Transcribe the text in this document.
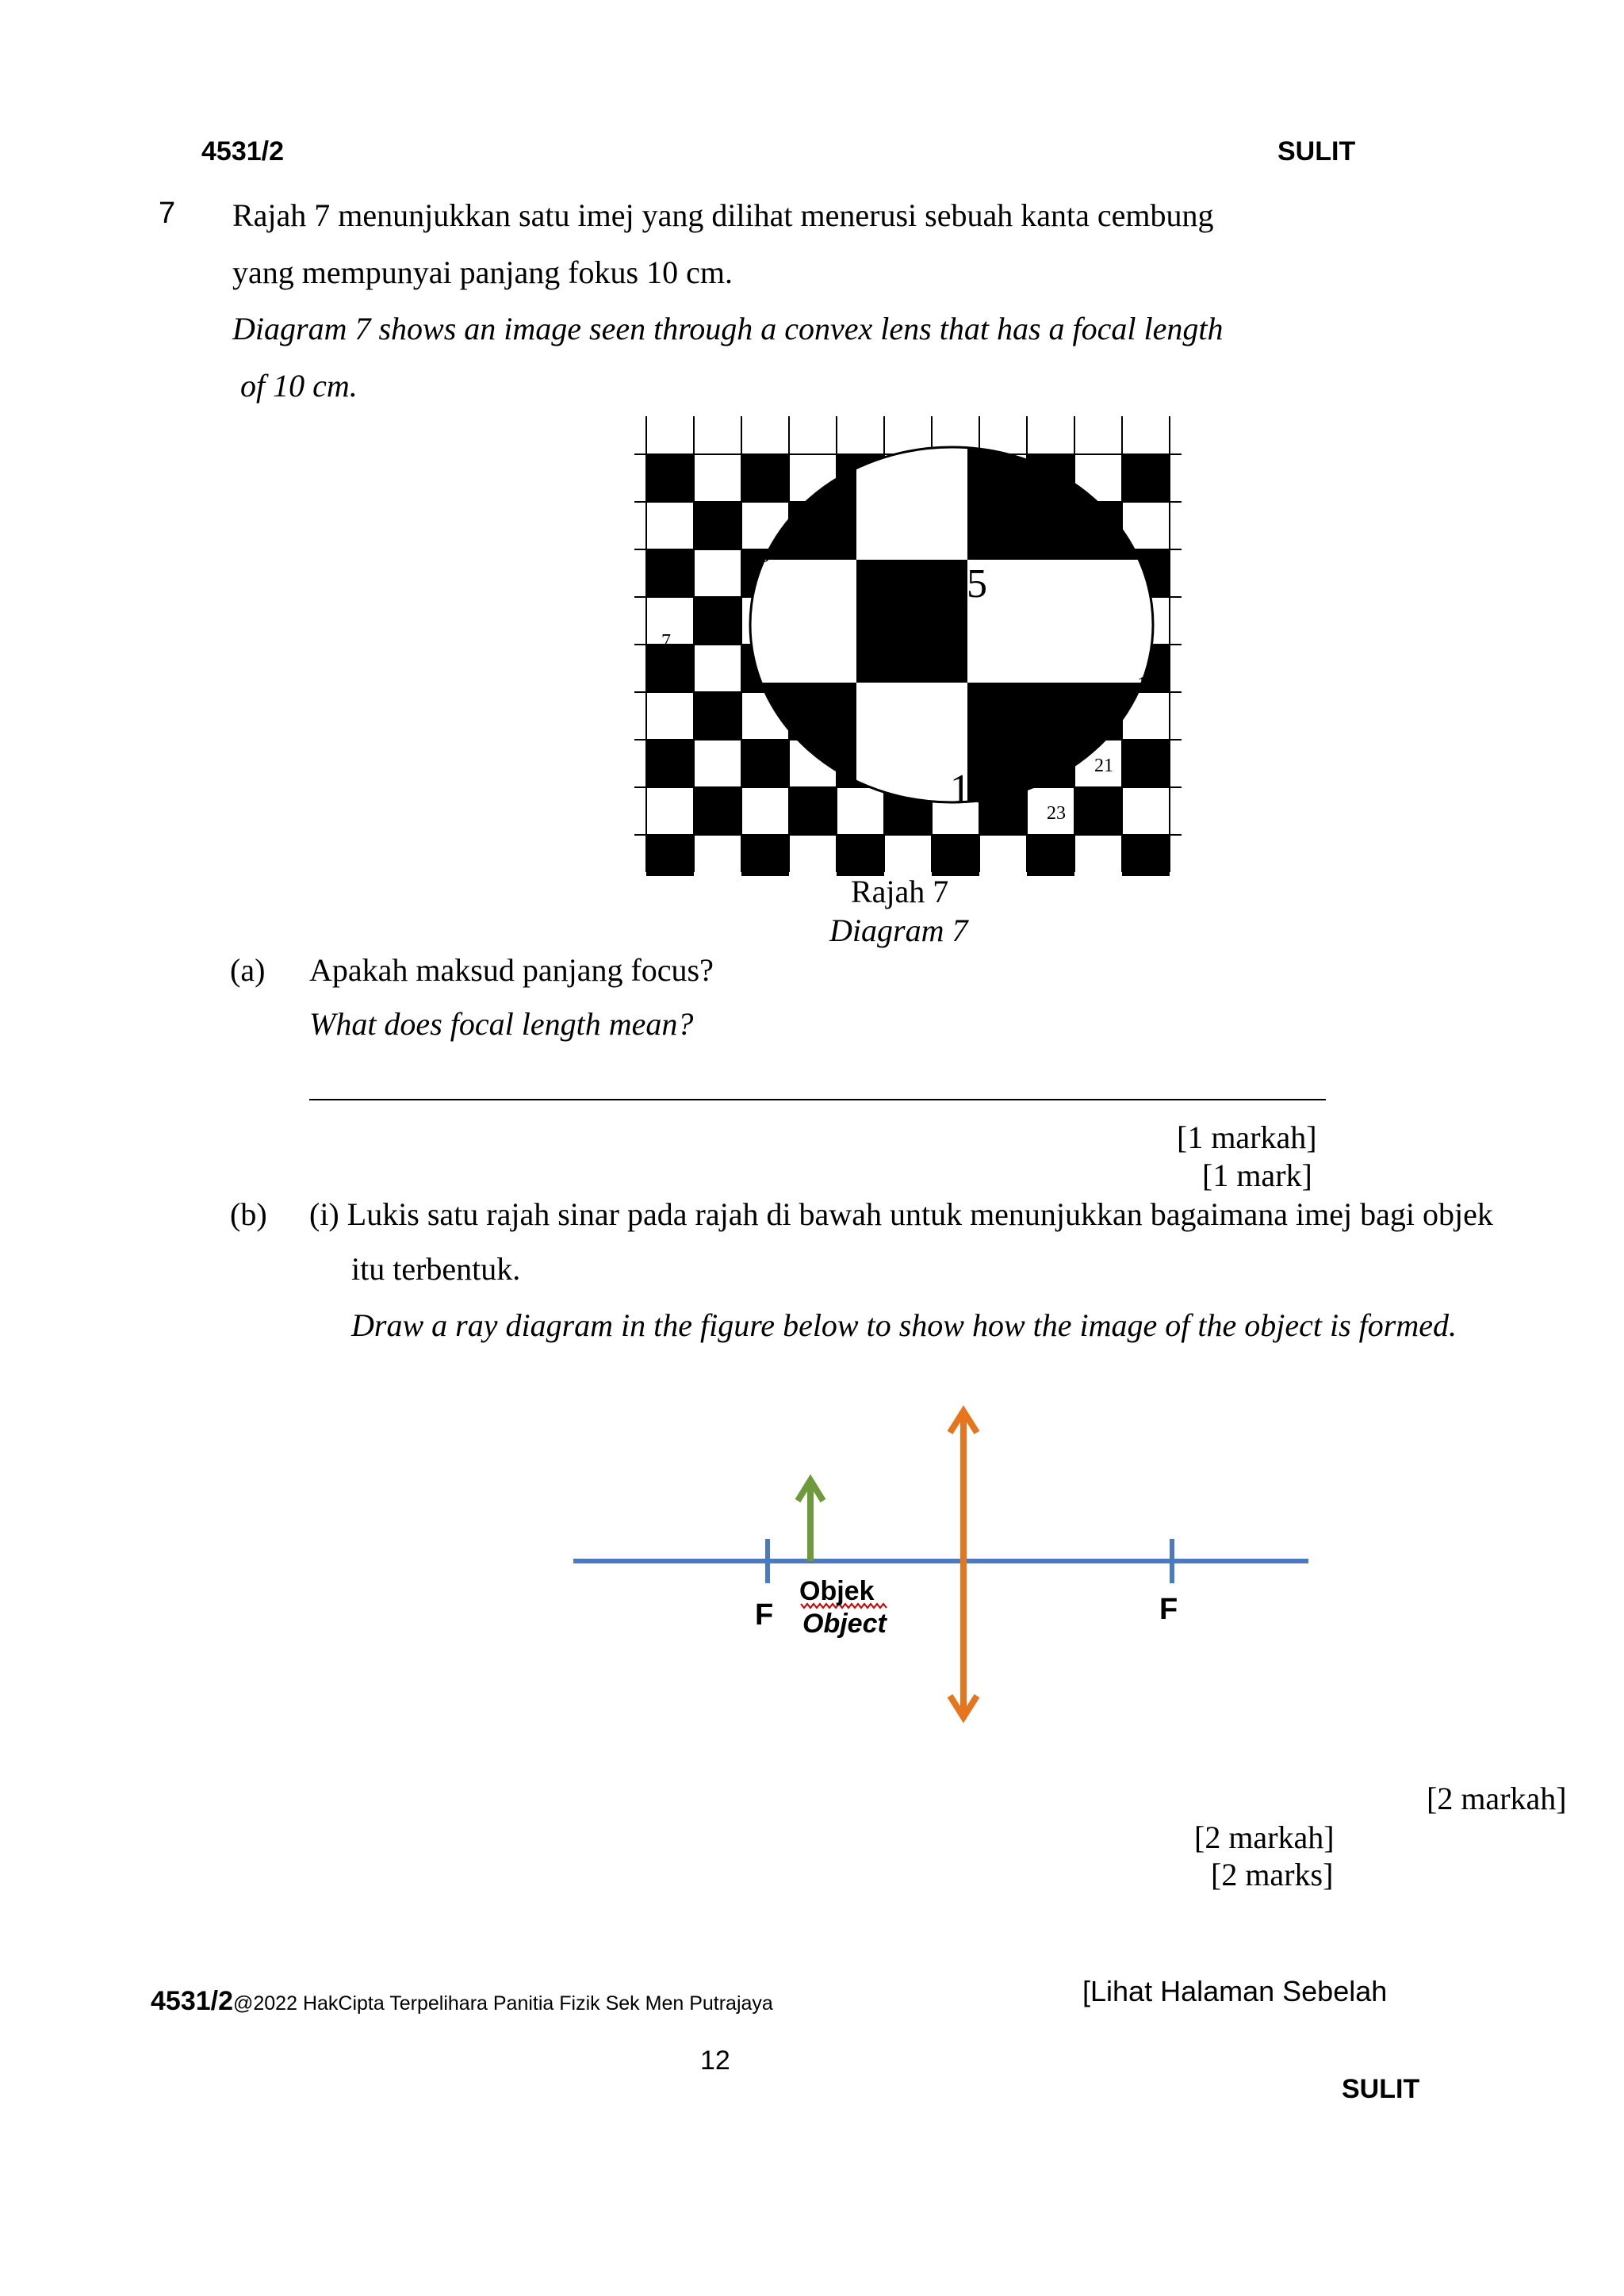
4531/2	SULIT
7 Rajah 7 menunjukkan satu imej yang dilihat menerusi sebuah kanta cembung
yang mempunyai panjang fokus 10 cm.
Diagram 7 shows an image seen through a convex lens that has a focal length
of 10 cm.
12
13
15
7
19
21
18
23
Rajah 7
Diagram 7
(a) Apakah maksud panjang focus?
What does focal length mean?
[1 markah]
[1 mark]
(b) (i) Lukis satu rajah sinar pada rajah di bawah untuk menunjukkan bagaimana imej bagi objek
itu terbentuk.
Draw a ray diagram in the figure below to show how the image of the object is formed.
F	F
Objek
Object
[2 markah]
[2 markah]
[2 marks]
4531/2@2022 HakCipta Terpelihara Panitia Fizik Sek Men Putrajaya	[Lihat Halaman Sebelah
12
SULIT
